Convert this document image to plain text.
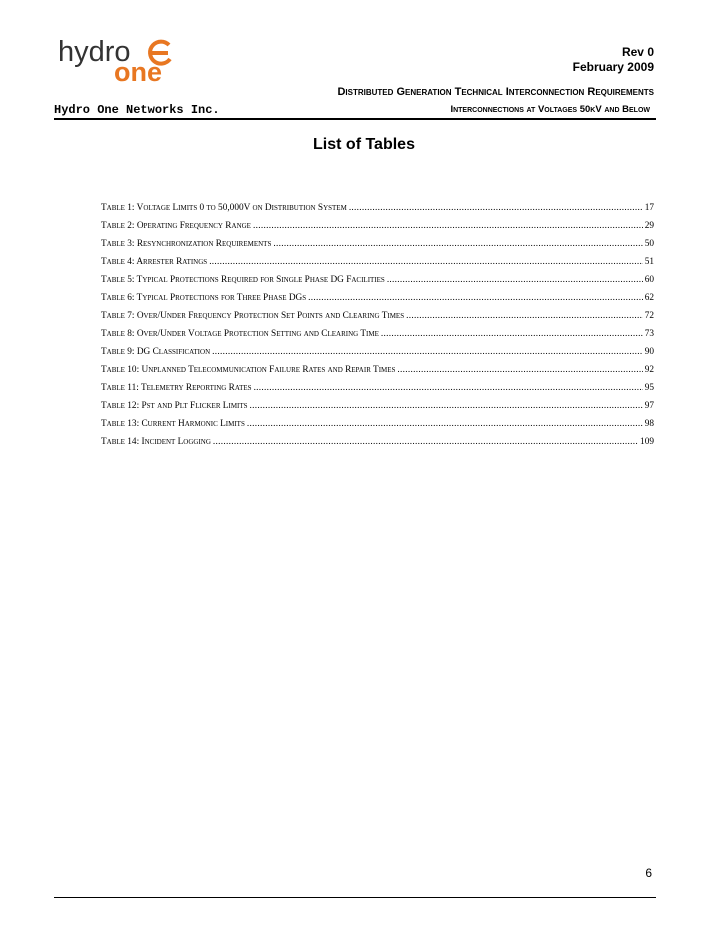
hydro
one
Rev 0
February 2009
Distributed Generation Technical Interconnection Requirements
Hydro One Networks Inc.	Interconnections at Voltages 50kV and Below
List of Tables
Table 1: Voltage Limits 0 to 50,000V on Distribution System .....	17
Table 2: Operating Frequency Range .....	29
Table 3: Resynchronization Requirements .....	50
Table 4: Arrester Ratings .....	51
Table 5: Typical Protections Required for Single Phase DG Facilities .....	60
Table 6: Typical Protections for Three Phase DGs .....	62
Table 7: Over/Under Frequency Protection Set Points and Clearing Times .....	72
Table 8: Over/Under Voltage Protection Setting and Clearing Time .....	73
Table 9: DG Classification .....	90
Table 10: Unplanned Telecommunication Failure Rates and Repair Times .....	92
Table 11: Telemetry Reporting Rates .....	95
Table 12: Pst and Plt Flicker Limits .....	97
Table 13: Current Harmonic Limits .....	98
Table 14: Incident Logging .....	109
6
